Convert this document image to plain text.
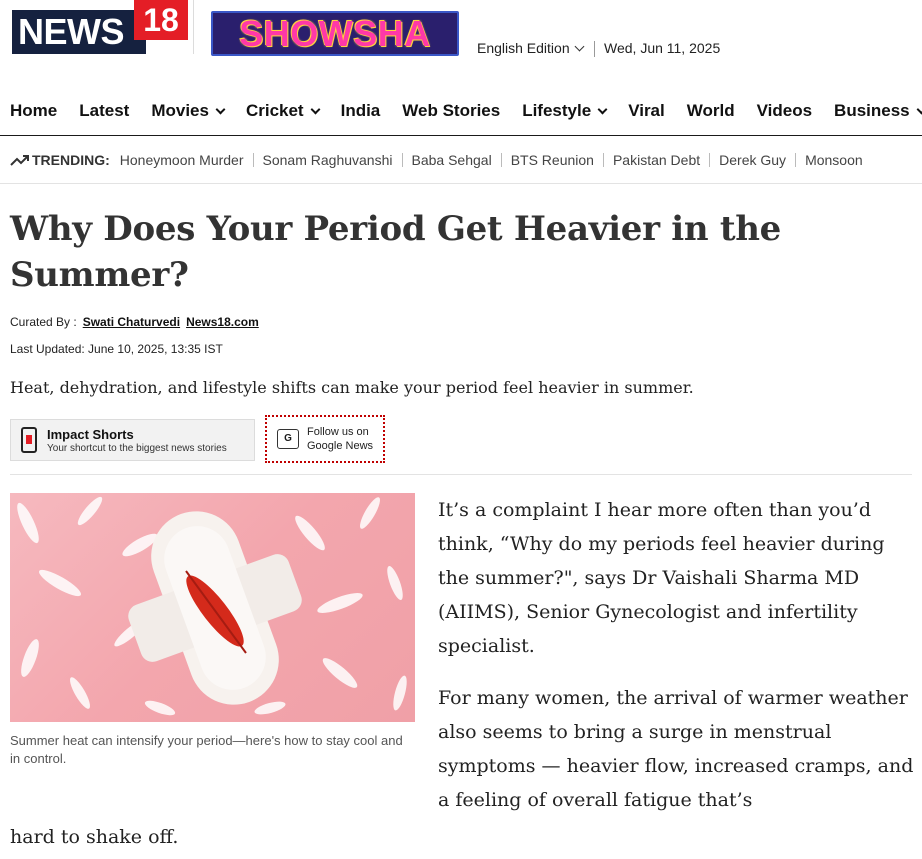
NEWS 18 SHOWSHA	English Edition Wed, Jun 11, 2025
Home Latest Movies Cricket India Web Stories Lifestyle Viral World Videos Business
TRENDING: Honeymoon Murder	Sonam Raghuvanshi	Baba Sehgal	BTS Reunion	Pakistan Debt	Derek Guy	Monsoon
Why Does Your Period Get Heavier in the Summer?
Curated By : Swati Chaturvedi News18.com
Last Updated: June 10, 2025, 13:35 IST
Heat, dehydration, and lifestyle shifts can make your period feel heavier in summer.
Impact Shorts
Your shortcut to the biggest news stories
G
Follow us on
Google News
Summer heat can intensify your period—here's how to stay cool and in control.

It’s a complaint I hear more often than you’d think, “Why do my periods feel heavier during the summer?", says Dr Vaishali Sharma MD (AIIMS), Senior Gynecologist and infertility specialist.

For many women, the arrival of warmer weather also seems to bring a surge in menstrual symptoms — heavier flow, increased cramps, and a feeling of overall fatigue that’s

hard to shake off.
